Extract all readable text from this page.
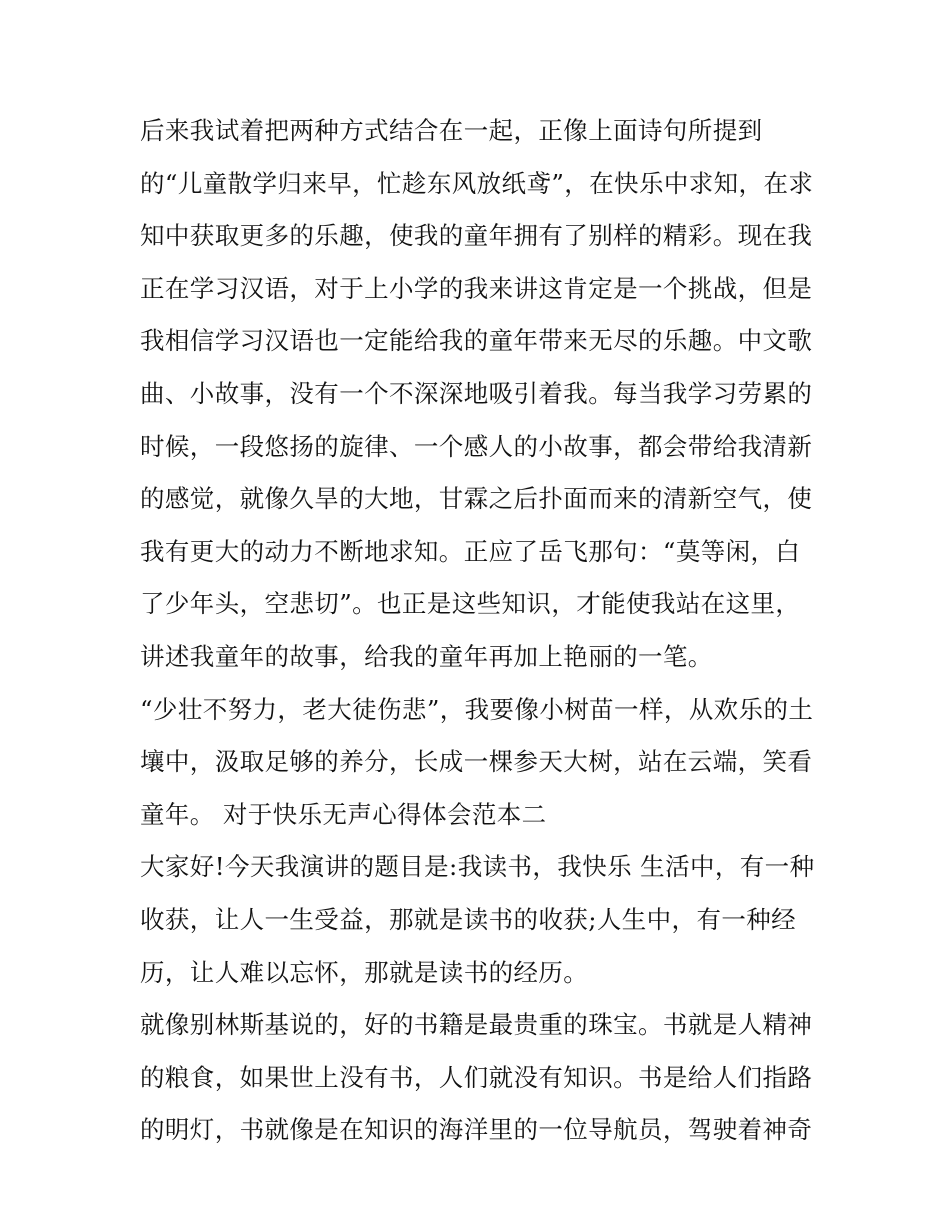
后来我试着把两种方式结合在一起，正像上面诗句所提到
的“儿童散学归来早，忙趁东风放纸鸢”，在快乐中求知，在求
知中获取更多的乐趣，使我的童年拥有了别样的精彩。现在我
正在学习汉语，对于上小学的我来讲这肯定是一个挑战，但是
我相信学习汉语也一定能给我的童年带来无尽的乐趣。中文歌
曲、小故事，没有一个不深深地吸引着我。每当我学习劳累的
时候，一段悠扬的旋律、一个感人的小故事，都会带给我清新
的感觉，就像久旱的大地，甘霖之后扑面而来的清新空气，使
我有更大的动力不断地求知。正应了岳飞那句：“莫等闲，白
了少年头，空悲切”。也正是这些知识，才能使我站在这里，
讲述我童年的故事，给我的童年再加上艳丽的一笔。
“少壮不努力，老大徒伤悲”，我要像小树苗一样，从欢乐的土
壤中，汲取足够的养分，长成一棵参天大树，站在云端，笑看
童年。 对于快乐无声心得体会范本二
大家好!今天我演讲的题目是:我读书，我快乐 生活中，有一种
收获，让人一生受益，那就是读书的收获;人生中，有一种经
历，让人难以忘怀，那就是读书的经历。
就像别林斯基说的，好的书籍是最贵重的珠宝。书就是人精神
的粮食，如果世上没有书，人们就没有知识。书是给人们指路
的明灯，书就像是在知识的海洋里的一位导航员，驾驶着神奇
